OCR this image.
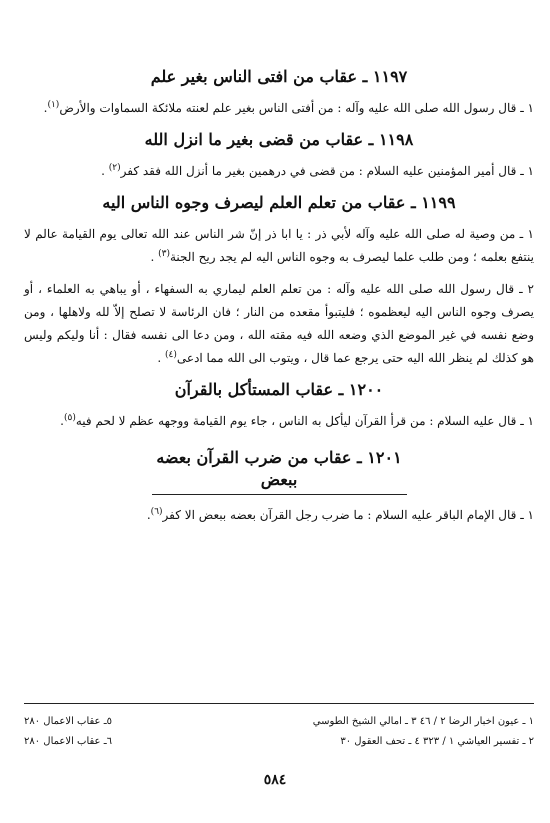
١١٩٧ ـ عقاب من افتى الناس بغير علم

١ ـ قال رسول الله صلى الله عليه وآله : من أفتى الناس بغير علم لعنته ملائكة السماوات والأرض$^{(١)}$.

١١٩٨ ـ عقاب من قضى بغير ما انزل الله

١ ـ قال أمير المؤمنين عليه السلام : من قضى في درهمين بغير ما أنزل الله فقد كفر$^{(٢)}$ .

١١٩٩ ـ عقاب من تعلم العلم ليصرف وجوه الناس اليه

١ ـ من وصية له صلى الله عليه وآله لأبي ذر : يا ابا ذر إنّ شر الناس عند الله تعالى يوم القيامة عالم لا ينتفع بعلمه ؛ ومن طلب علما ليصرف به وجوه الناس اليه لم يجد ريح الجنة$^{(٣)}$ .

٢ ـ قال رسول الله صلى الله عليه وآله : من تعلم العلم ليماري به السفهاء ، أو يباهي به العلماء ، أو يصرف وجوه الناس اليه ليعظموه ؛ فليتبوأ مقعده من النار ؛ فان الرئاسة لا تصلح إلاّ لله ولاهلها ، ومن وضع نفسه في غير الموضع الذي وضعه الله فيه مقته الله ، ومن دعا الى نفسه فقال : أنا وليكم وليس هو كذلك لم ينظر الله اليه حتى يرجع عما قال ، ويتوب الى الله مما ادعى$^{(٤)}$ .

١٢٠٠ ـ عقاب المستأكل بالقرآن

١ ـ قال عليه السلام : من قرأ القرآن ليأكل به الناس ، جاء يوم القيامة ووجهه عظم لا لحم فيه$^{(٥)}$.

١٢٠١ ـ عقاب من ضرب القرآن بعضه ببعض

١ ـ قال الإمام الباقر عليه السلام : ما ضرب رجل القرآن بعضه ببعض الا كفر$^{(٦)}$.

١ ـ عيون اخبار الرضا ٢ / ٤٦ ٣ ـ امالي الشيخ الطوسي
٥ـ عقاب الاعمال ٢٨٠
٢ ـ تفسير العياشي ١ / ٣٢٣ ٤ ـ تحف العقول ٣٠
٦ـ عقاب الاعمال ٢٨٠
٥٨٤
